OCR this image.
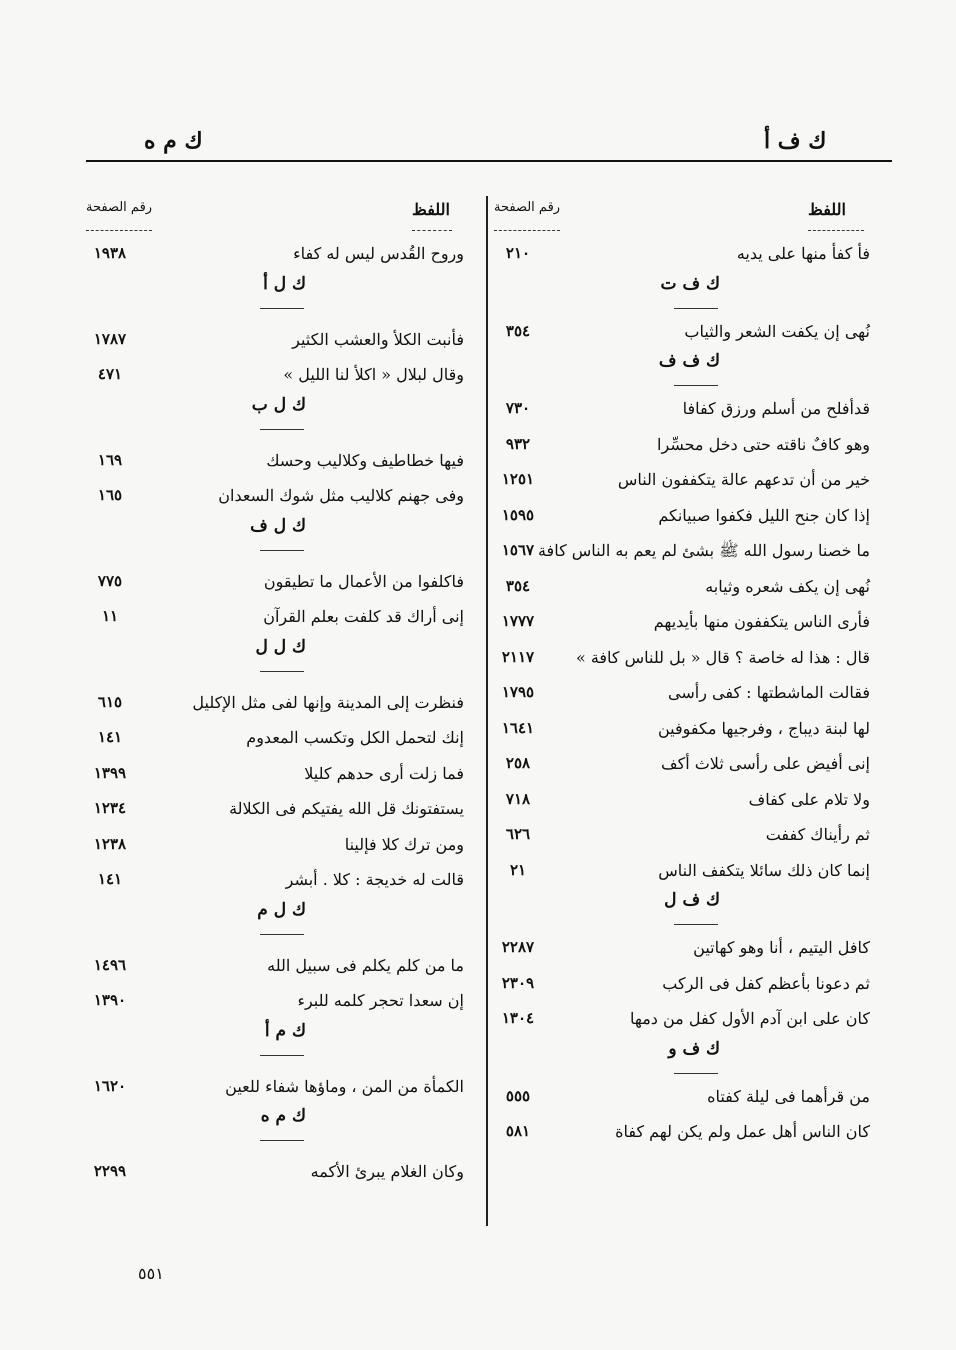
ك ف أ
ك م ه
اللفظ
رقم الصفحة
اللفظ
رقم الصفحة
فأ كفأ منها على يديه
٢١٠
ك ف ت
نُهى إن يكفت الشعر والثياب
٣٥٤
ك ف ف
قدأفلح من أسلم ورزق كفافا
٧٣٠
وهو كافٌ ناقته حتى دخل محسِّرا
٩٣٢
خير من أن تدعهم عالة يتكففون الناس
١٢٥١
إذا كان جنح الليل فكفوا صبيانكم
١٥٩٥
ما خصنا رسول الله ﷺ بشئ لم يعم به الناس كافة
١٥٦٧
نُهى إن يكف شعره وثيابه
٣٥٤
فأرى الناس يتكففون منها بأيديهم
١٧٧٧
قال : هذا له خاصة ؟ قال « بل للناس كافة »
٢١١٧
فقالت الماشطتها : كفى رأسى
١٧٩٥
لها لبنة ديباج ، وفرجيها مكفوفين
١٦٤١
إنى أفيض على رأسى ثلاث أكف
٢٥٨
ولا تلام على كفاف
٧١٨
ثم رأيناك كففت
٦٢٦
إنما كان ذلك سائلا يتكفف الناس
٢١
ك ف ل
كافل اليتيم ، أنا وهو كهاتين
٢٢٨٧
ثم دعونا بأعظم كفل فى الركب
٢٣٠٩
كان على ابن آدم الأول كفل من دمها
١٣٠٤
ك ف و
من قرأهما فى ليلة كفتاه
٥٥٥
كان الناس أهل عمل ولم يكن لهم كفاة
٥٨١
وروح القُدس ليس له كفاء
١٩٣٨
ك ل أ
فأنبت الكلأ والعشب الكثير
١٧٨٧
وقال لبلال « اكلأ لنا الليل »
٤٧١
ك ل ب
فيها خطاطيف وكلاليب وحسك
١٦٩
وفى جهنم كلاليب مثل شوك السعدان
١٦٥
ك ل ف
فاكلفوا من الأعمال ما تطيقون
٧٧٥
إنى أراك قد كلفت بعلم القرآن
١١
ك ل ل
فنظرت إلى المدينة وإنها لفى مثل الإكليل
٦١٥
إنك لتحمل الكل وتكسب المعدوم
١٤١
فما زلت أرى حدهم كليلا
١٣٩٩
يستفتونك قل الله يفتيكم فى الكلالة
١٢٣٤
ومن ترك كلا فإلينا
١٢٣٨
قالت له خديجة : كلا . أبشر
١٤١
ك ل م
ما من كلم يكلم فى سبيل الله
١٤٩٦
إن سعدا تحجر كلمه للبرء
١٣٩٠
ك م أ
الكمأة من المن ، وماؤها شفاء للعين
١٦٢٠
ك م ه
وكان الغلام يبرئ الأكمه
٢٢٩٩
٥٥١
